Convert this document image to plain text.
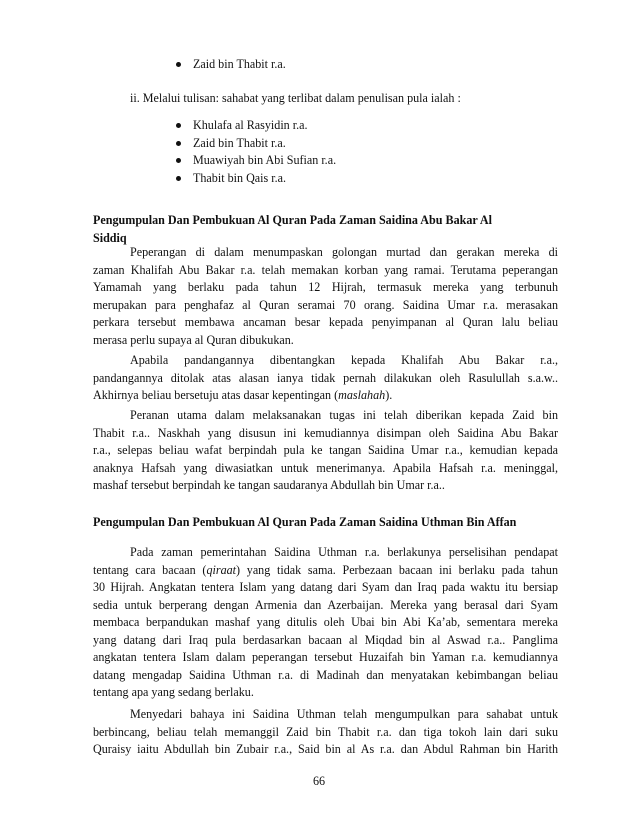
Zaid bin Thabit r.a.
ii. Melalui tulisan: sahabat yang terlibat dalam penulisan pula ialah :
Khulafa al Rasyidin r.a.
Zaid bin Thabit r.a.
Muawiyah bin Abi Sufian r.a.
Thabit bin Qais r.a.
Pengumpulan Dan Pembukuan Al Quran Pada Zaman Saidina Abu Bakar Al
Siddiq
Peperangan di dalam menumpaskan golongan murtad dan gerakan mereka di
zaman Khalifah Abu Bakar r.a. telah memakan korban yang ramai. Terutama peperangan
Yamamah yang berlaku pada tahun 12 Hijrah, termasuk mereka yang terbunuh
merupakan para penghafaz al Quran seramai 70 orang. Saidina Umar r.a. merasakan
perkara tersebut membawa ancaman besar kepada penyimpanan al Quran lalu beliau
merasa perlu supaya al Quran dibukukan.
Apabila pandangannya dibentangkan kepada Khalifah Abu Bakar r.a.,
pandangannya ditolak atas alasan ianya tidak pernah dilakukan oleh Rasulullah s.a.w..
Akhirnya beliau bersetuju atas dasar kepentingan (maslahah).
Peranan utama dalam melaksanakan tugas ini telah diberikan kepada Zaid bin
Thabit r.a.. Naskhah yang disusun ini kemudiannya disimpan oleh Saidina Abu Bakar
r.a., selepas beliau wafat berpindah pula ke tangan Saidina Umar r.a., kemudian kepada
anaknya Hafsah yang diwasiatkan untuk menerimanya. Apabila Hafsah r.a. meninggal,
mashaf tersebut berpindah ke tangan saudaranya Abdullah bin Umar r.a..
Pengumpulan Dan Pembukuan Al Quran Pada Zaman Saidina Uthman Bin Affan
Pada zaman pemerintahan Saidina Uthman r.a. berlakunya perselisihan pendapat
tentang cara bacaan (qiraat) yang tidak sama. Perbezaan bacaan ini berlaku pada tahun
30 Hijrah. Angkatan tentera Islam yang datang dari Syam dan Iraq pada waktu itu bersiap
sedia untuk berperang dengan Armenia dan Azerbaijan. Mereka yang berasal dari Syam
membaca berpandukan mashaf yang ditulis oleh Ubai bin Abi Ka’ab, sementara mereka
yang datang dari Iraq pula berdasarkan bacaan al Miqdad bin al Aswad r.a.. Panglima
angkatan tentera Islam dalam peperangan tersebut Huzaifah bin Yaman r.a. kemudiannya
datang mengadap Saidina Uthman r.a. di Madinah dan menyatakan kebimbangan beliau
tentang apa yang sedang berlaku.
Menyedari bahaya ini Saidina Uthman telah mengumpulkan para sahabat untuk
berbincang, beliau telah memanggil Zaid bin Thabit r.a. dan tiga tokoh lain dari suku
Quraisy iaitu Abdullah bin Zubair r.a., Said bin al As r.a. dan Abdul Rahman bin Harith
66
